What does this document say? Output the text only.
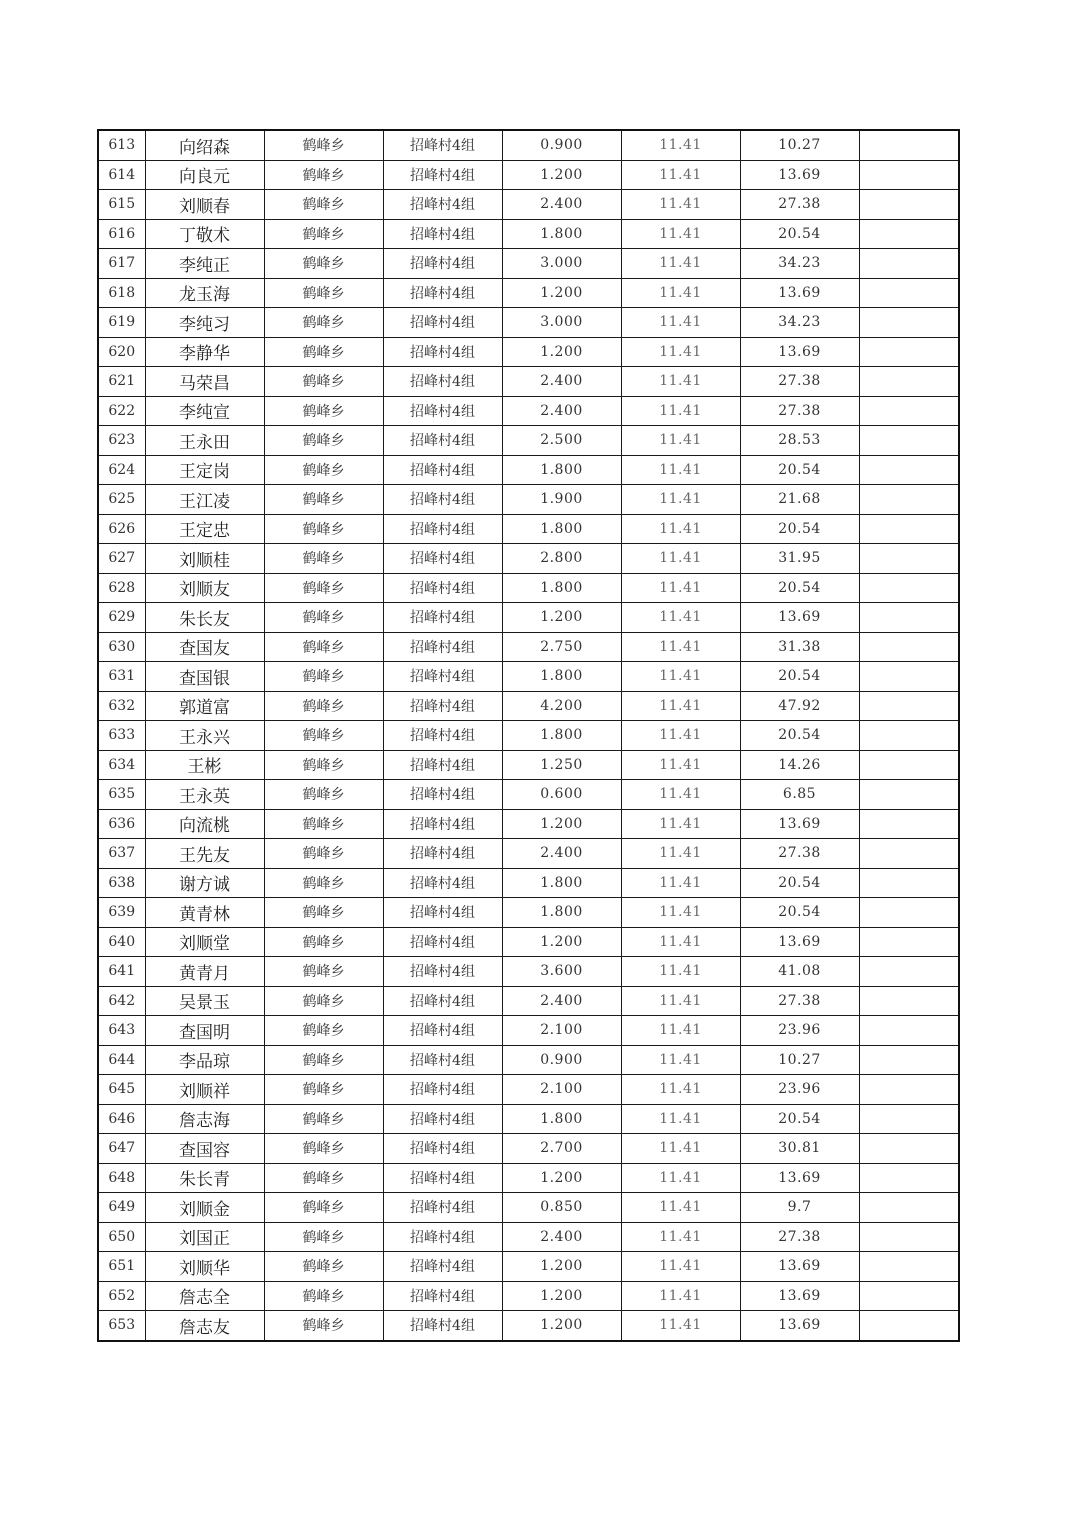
613	向绍森	鹤峰乡	招峰村4组	0.900	11.41	10.27	
614	向良元	鹤峰乡	招峰村4组	1.200	11.41	13.69	
615	刘顺春	鹤峰乡	招峰村4组	2.400	11.41	27.38	
616	丁敬术	鹤峰乡	招峰村4组	1.800	11.41	20.54	
617	李纯正	鹤峰乡	招峰村4组	3.000	11.41	34.23	
618	龙玉海	鹤峰乡	招峰村4组	1.200	11.41	13.69	
619	李纯习	鹤峰乡	招峰村4组	3.000	11.41	34.23	
620	李静华	鹤峰乡	招峰村4组	1.200	11.41	13.69	
621	马荣昌	鹤峰乡	招峰村4组	2.400	11.41	27.38	
622	李纯宣	鹤峰乡	招峰村4组	2.400	11.41	27.38	
623	王永田	鹤峰乡	招峰村4组	2.500	11.41	28.53	
624	王定岗	鹤峰乡	招峰村4组	1.800	11.41	20.54	
625	王江凌	鹤峰乡	招峰村4组	1.900	11.41	21.68	
626	王定忠	鹤峰乡	招峰村4组	1.800	11.41	20.54	
627	刘顺桂	鹤峰乡	招峰村4组	2.800	11.41	31.95	
628	刘顺友	鹤峰乡	招峰村4组	1.800	11.41	20.54	
629	朱长友	鹤峰乡	招峰村4组	1.200	11.41	13.69	
630	查国友	鹤峰乡	招峰村4组	2.750	11.41	31.38	
631	查国银	鹤峰乡	招峰村4组	1.800	11.41	20.54	
632	郭道富	鹤峰乡	招峰村4组	4.200	11.41	47.92	
633	王永兴	鹤峰乡	招峰村4组	1.800	11.41	20.54	
634	王彬	鹤峰乡	招峰村4组	1.250	11.41	14.26	
635	王永英	鹤峰乡	招峰村4组	0.600	11.41	6.85	
636	向流桃	鹤峰乡	招峰村4组	1.200	11.41	13.69	
637	王先友	鹤峰乡	招峰村4组	2.400	11.41	27.38	
638	谢方诚	鹤峰乡	招峰村4组	1.800	11.41	20.54	
639	黄青林	鹤峰乡	招峰村4组	1.800	11.41	20.54	
640	刘顺堂	鹤峰乡	招峰村4组	1.200	11.41	13.69	
641	黄青月	鹤峰乡	招峰村4组	3.600	11.41	41.08	
642	吴景玉	鹤峰乡	招峰村4组	2.400	11.41	27.38	
643	查国明	鹤峰乡	招峰村4组	2.100	11.41	23.96	
644	李品琼	鹤峰乡	招峰村4组	0.900	11.41	10.27	
645	刘顺祥	鹤峰乡	招峰村4组	2.100	11.41	23.96	
646	詹志海	鹤峰乡	招峰村4组	1.800	11.41	20.54	
647	查国容	鹤峰乡	招峰村4组	2.700	11.41	30.81	
648	朱长青	鹤峰乡	招峰村4组	1.200	11.41	13.69	
649	刘顺金	鹤峰乡	招峰村4组	0.850	11.41	9.7	
650	刘国正	鹤峰乡	招峰村4组	2.400	11.41	27.38	
651	刘顺华	鹤峰乡	招峰村4组	1.200	11.41	13.69	
652	詹志全	鹤峰乡	招峰村4组	1.200	11.41	13.69	
653	詹志友	鹤峰乡	招峰村4组	1.200	11.41	13.69	
